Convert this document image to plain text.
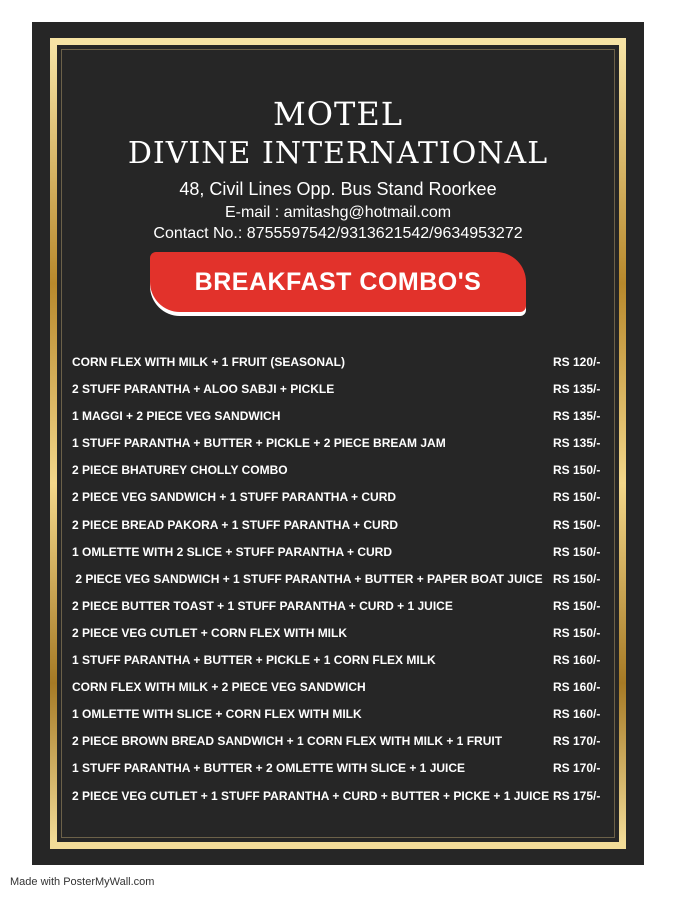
MOTEL
DIVINE INTERNATIONAL
48, Civil Lines Opp. Bus Stand Roorkee
E-mail : amitashg@hotmail.com
Contact No.: 8755597542/9313621542/9634953272
BREAKFAST COMBO'S
CORN FLEX WITH MILK + 1 FRUIT (SEASONAL)	RS 120/-
2 STUFF PARANTHA + ALOO SABJI + PICKLE	RS 135/-
1 MAGGI + 2 PIECE VEG SANDWICH	RS 135/-
1 STUFF PARANTHA + BUTTER + PICKLE + 2 PIECE BREAM JAM	RS 135/-
2 PIECE BHATUREY CHOLLY COMBO	RS 150/-
2 PIECE VEG SANDWICH + 1 STUFF PARANTHA + CURD	RS 150/-
2 PIECE BREAD PAKORA + 1 STUFF PARANTHA + CURD	RS 150/-
1 OMLETTE WITH 2 SLICE + STUFF PARANTHA + CURD	RS 150/-
2 PIECE VEG SANDWICH + 1 STUFF PARANTHA + BUTTER + PAPER BOAT JUICE RS 150/-
2 PIECE BUTTER TOAST + 1 STUFF PARANTHA + CURD + 1 JUICE	RS 150/-
2 PIECE VEG CUTLET + CORN FLEX WITH MILK	RS 150/-
1 STUFF PARANTHA + BUTTER + PICKLE + 1 CORN FLEX MILK	RS 160/-
CORN FLEX WITH MILK + 2 PIECE VEG SANDWICH	RS 160/-
1 OMLETTE WITH SLICE + CORN FLEX WITH MILK	RS 160/-
2 PIECE BROWN BREAD SANDWICH + 1 CORN FLEX WITH MILK + 1 FRUIT	RS 170/-
1 STUFF PARANTHA + BUTTER + 2 OMLETTE WITH SLICE + 1 JUICE	RS 170/-
2 PIECE VEG CUTLET + 1 STUFF PARANTHA + CURD + BUTTER + PICKE + 1 JUICE RS 175/-
Made with PosterMyWall.com
